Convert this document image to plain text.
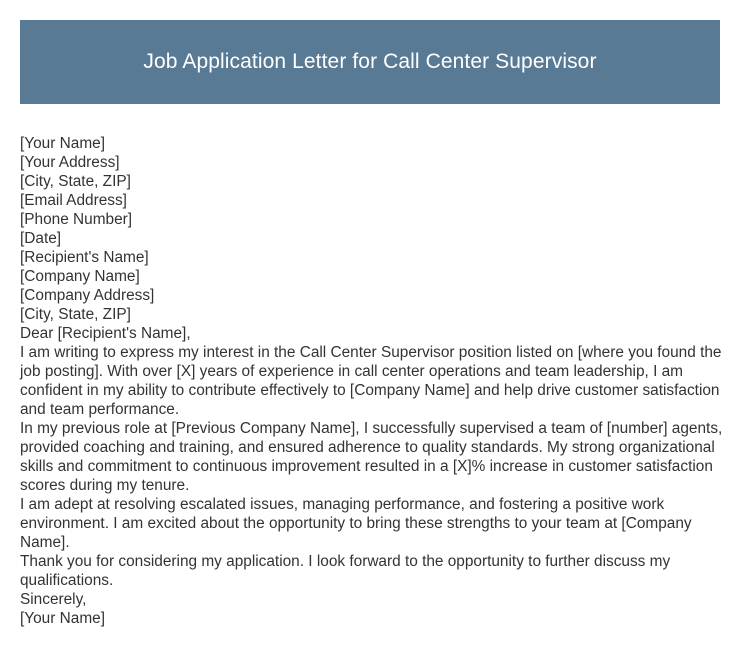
Job Application Letter for Call Center Supervisor
[Your Name]
[Your Address]
[City, State, ZIP]
[Email Address]
[Phone Number]
[Date]
[Recipient's Name]
[Company Name]
[Company Address]
[City, State, ZIP]
Dear [Recipient's Name],
I am writing to express my interest in the Call Center Supervisor position listed on [where you found the job posting]. With over [X] years of experience in call center operations and team leadership, I am confident in my ability to contribute effectively to [Company Name] and help drive customer satisfaction and team performance.
In my previous role at [Previous Company Name], I successfully supervised a team of [number] agents, provided coaching and training, and ensured adherence to quality standards. My strong organizational skills and commitment to continuous improvement resulted in a [X]% increase in customer satisfaction scores during my tenure.
I am adept at resolving escalated issues, managing performance, and fostering a positive work environment. I am excited about the opportunity to bring these strengths to your team at [Company Name].
Thank you for considering my application. I look forward to the opportunity to further discuss my qualifications.
Sincerely,
[Your Name]
